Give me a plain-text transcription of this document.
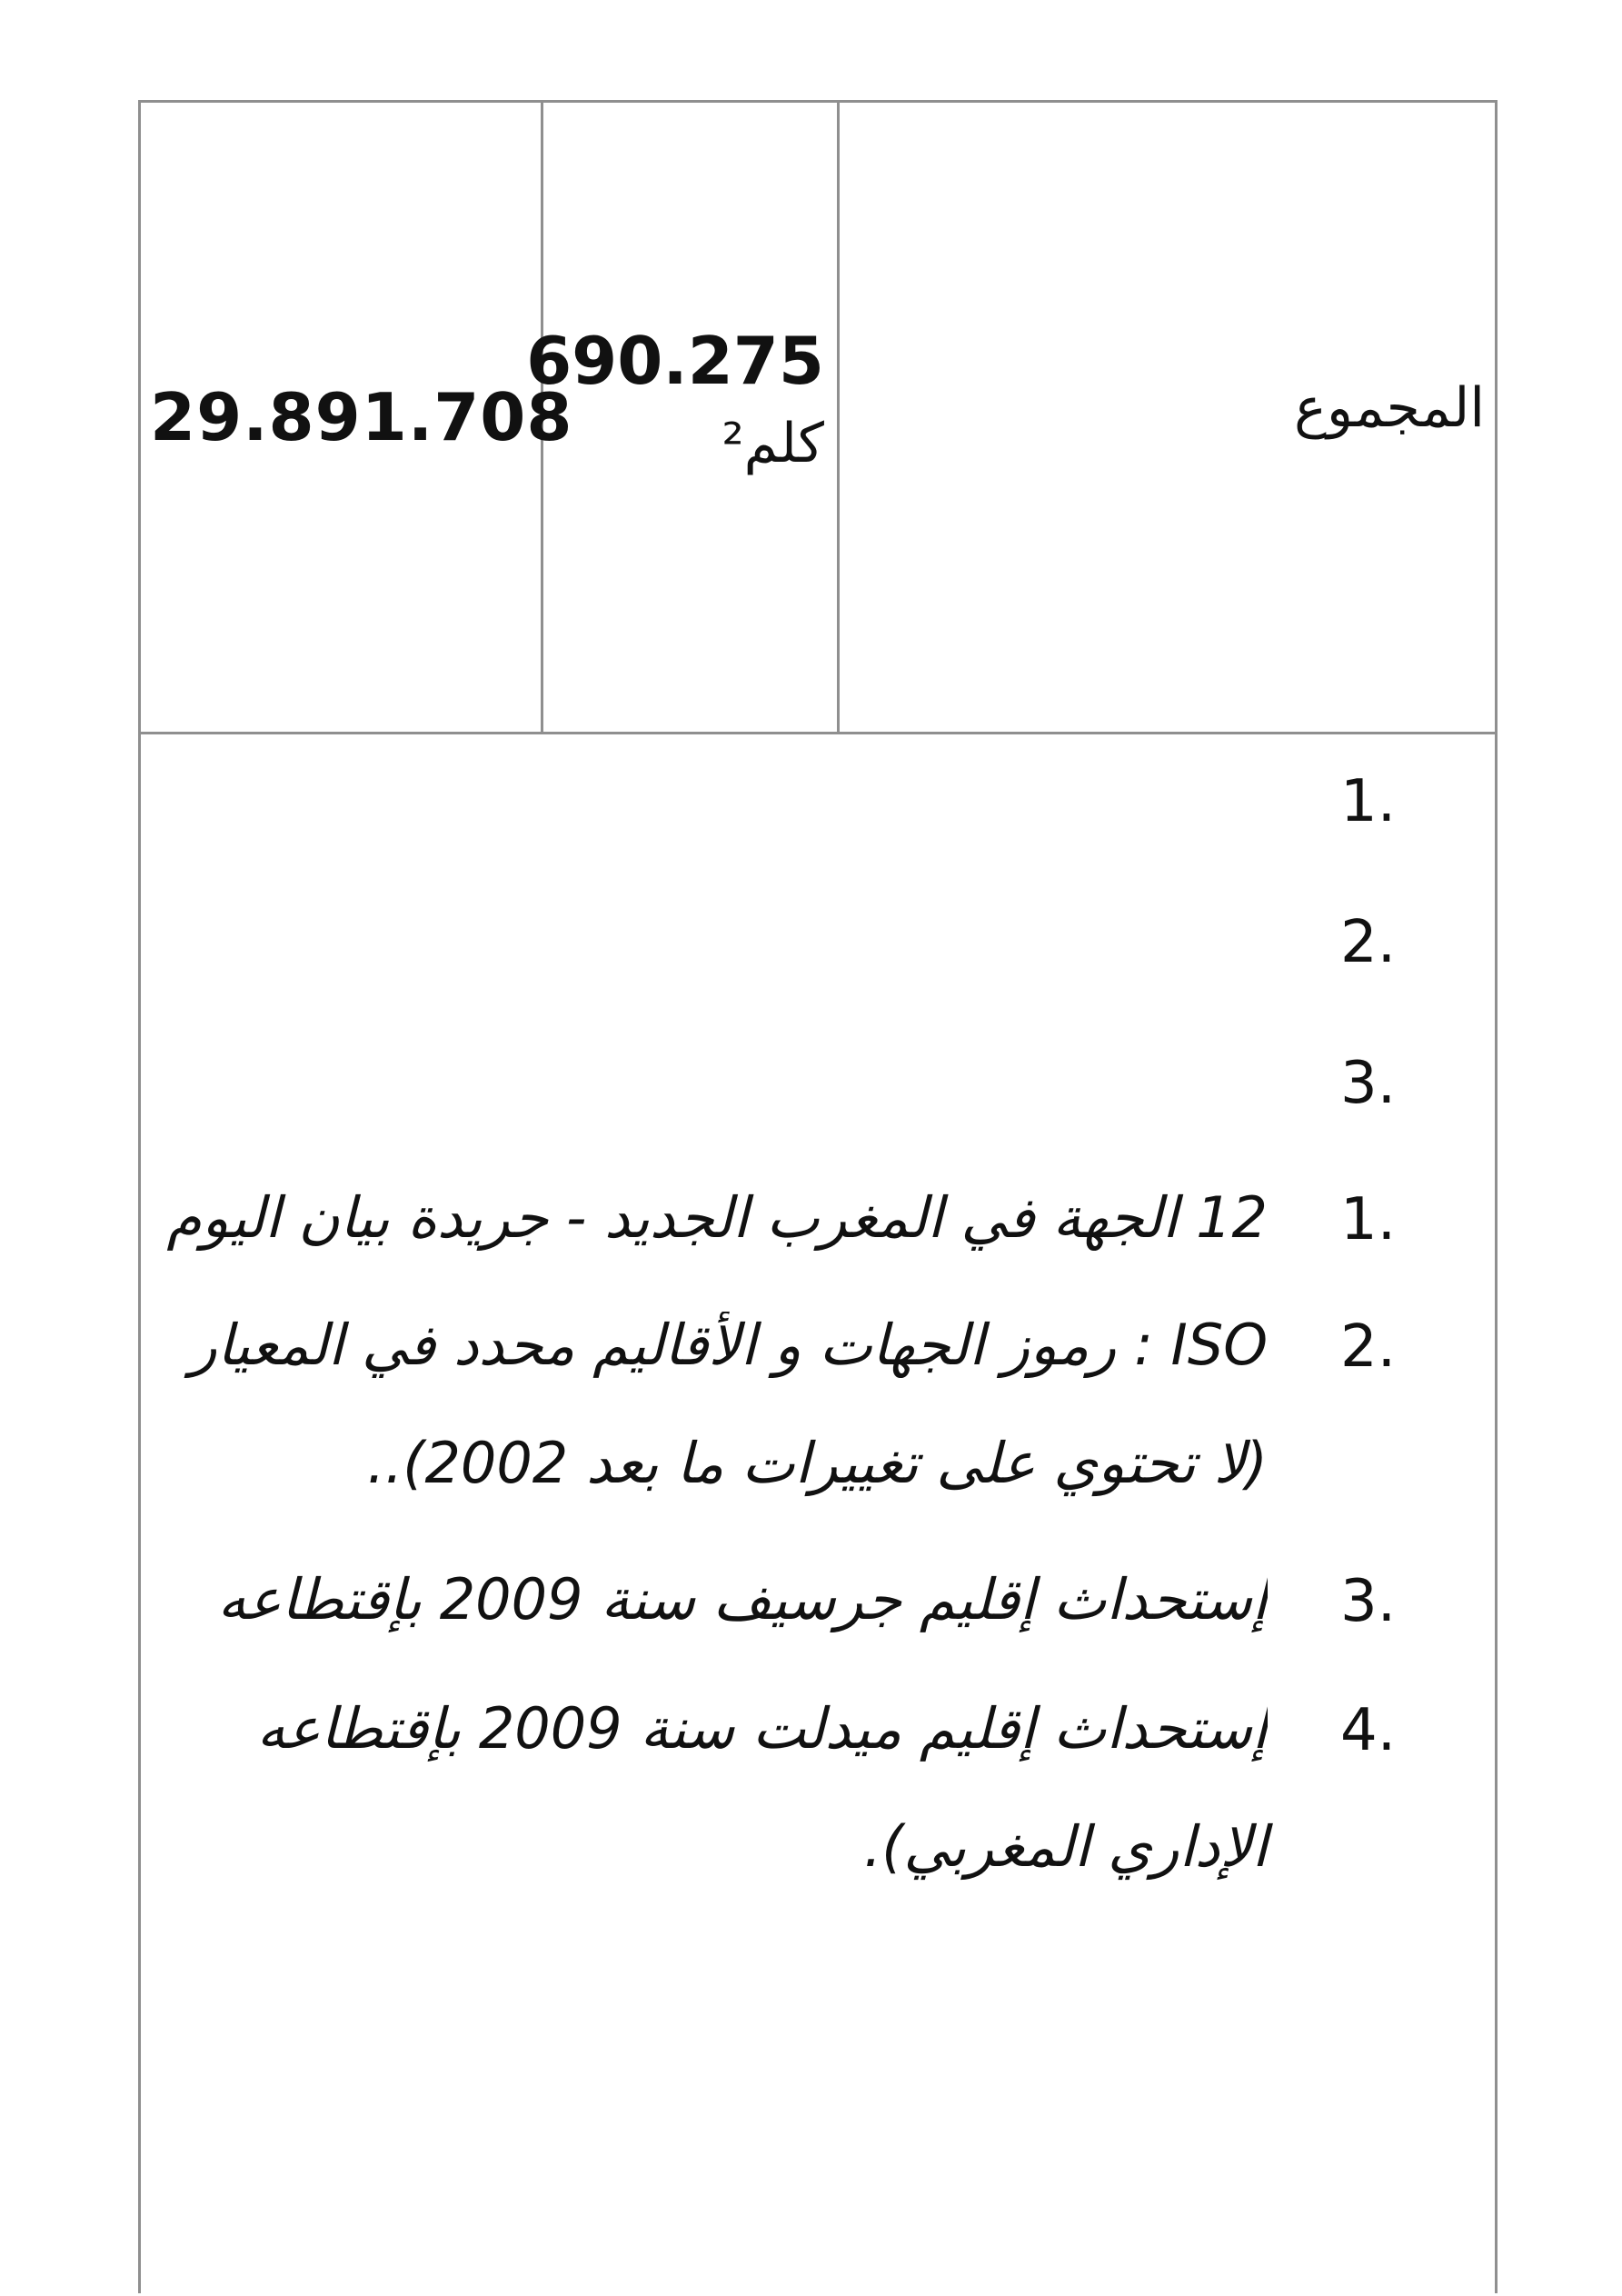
29.891.708
690.275
كلم²
المجموع
1.
2.
3.
1.
12 الجهة في المغرب الجديد - جريدة بيان اليوم
2.
ISO : رموز الجهات و الأقاليم محدد في المعيار
(لا تحتوي على تغييرات ما بعد 2002)..
3.
إستحداث إقليم جرسيف سنة 2009 بإقتطاعه
4.
إستحداث إقليم ميدلت سنة 2009 بإقتطاعه
الإداري المغربي).
